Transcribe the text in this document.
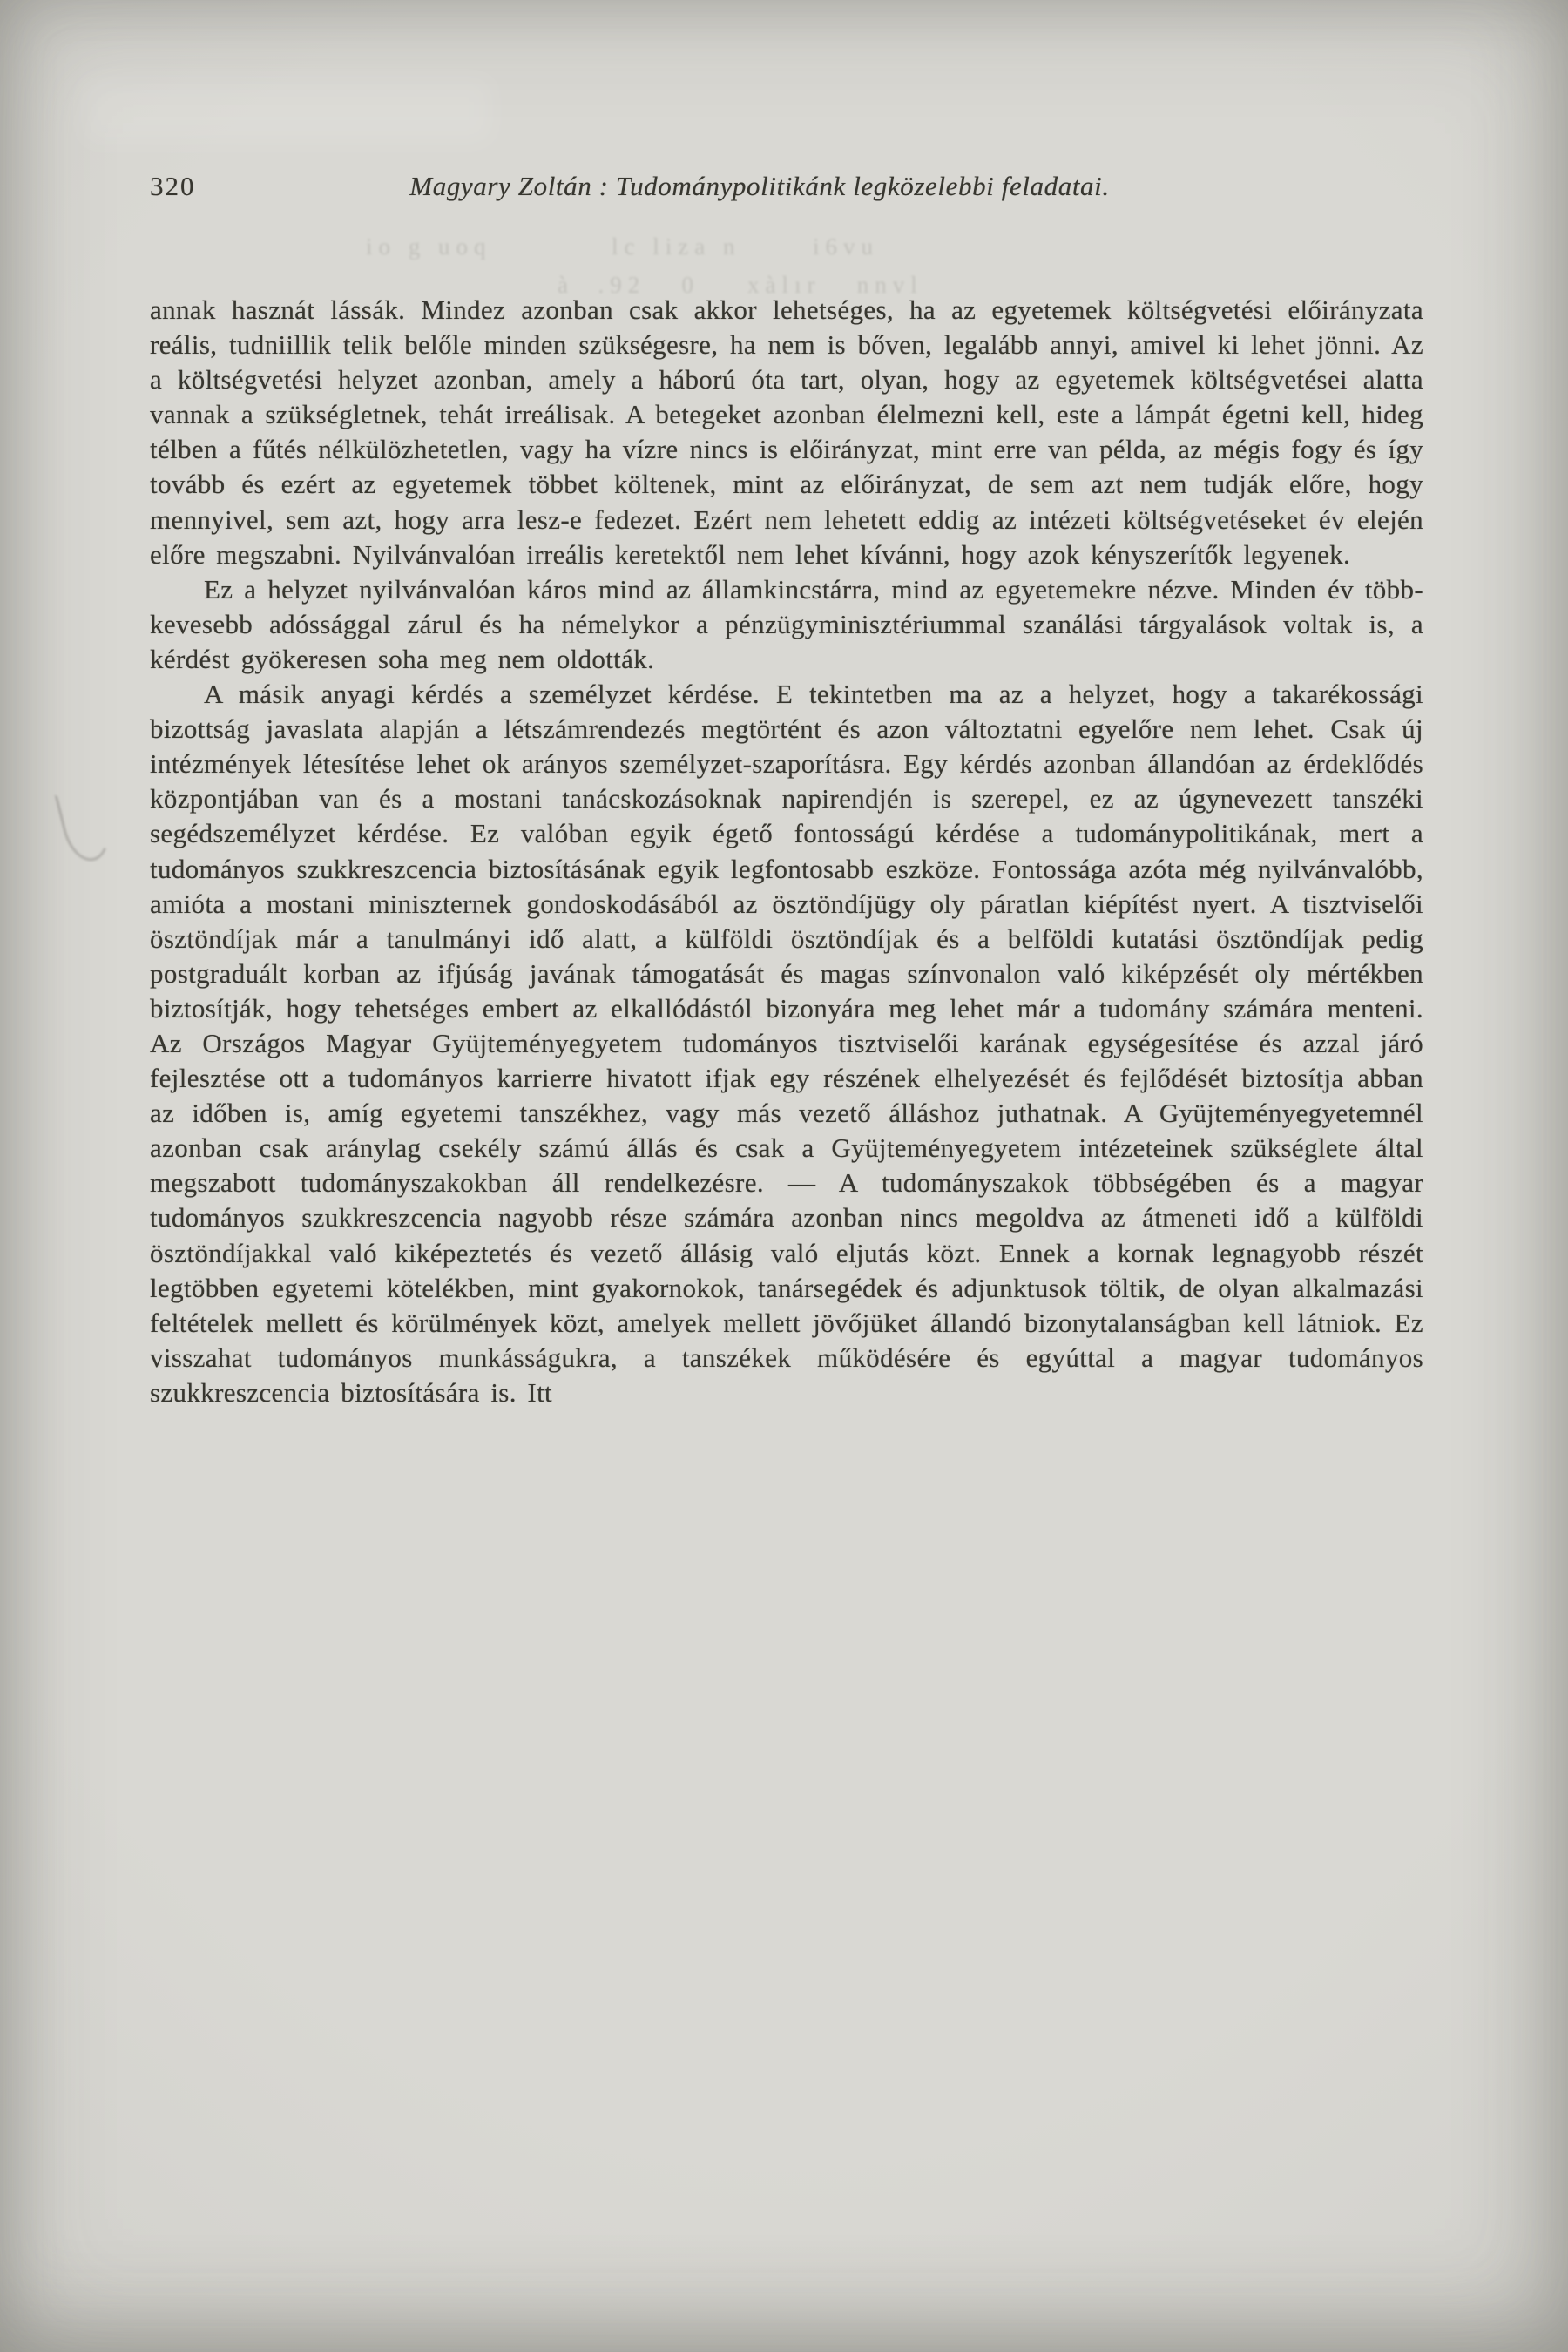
io g uoq          lc liza n      i6vu
à  .92   0    xàlır   nnvl
320	Magyary Zoltán : Tudománypolitikánk legközelebbi feladatai.

annak hasznát lássák. Mindez azonban csak akkor lehetséges, ha az egyetemek költségvetési előirányzata reális, tudniillik telik belőle minden szükségesre, ha nem is bőven, legalább annyi, amivel ki lehet jönni. Az a költségvetési helyzet azonban, amely a háború óta tart, olyan, hogy az egyetemek költségvetései alatta vannak a szükségletnek, tehát irreálisak. A betegeket azonban élelmezni kell, este a lámpát égetni kell, hideg télben a fűtés nélkülözhetetlen, vagy ha vízre nincs is előirányzat, mint erre van példa, az mégis fogy és így tovább és ezért az egyetemek többet költenek, mint az előirányzat, de sem azt nem tudják előre, hogy mennyivel, sem azt, hogy arra lesz-e fedezet. Ezért nem lehetett eddig az intézeti költségvetéseket év elején előre megszabni. Nyilvánvalóan irreális keretektől nem lehet kívánni, hogy azok kényszerítők legyenek.

Ez a helyzet nyilvánvalóan káros mind az államkincstárra, mind az egyetemekre nézve. Minden év több-kevesebb adóssággal zárul és ha némelykor a pénzügyminisztériummal szanálási tárgyalások voltak is, a kérdést gyökeresen soha meg nem oldották.

A másik anyagi kérdés a személyzet kérdése. E tekintetben ma az a helyzet, hogy a takarékossági bizottság javaslata alapján a létszámrendezés megtörtént és azon változtatni egyelőre nem lehet. Csak új intézmények létesítése lehet ok arányos személyzet-szaporításra. Egy kérdés azonban állandóan az érdeklődés központjában van és a mostani tanácskozásoknak napirendjén is szerepel, ez az úgynevezett tanszéki segédszemélyzet kérdése. Ez valóban egyik égető fontosságú kérdése a tudománypolitikának, mert a tudományos szukkreszcencia biztosításának egyik legfontosabb eszköze. Fontossága azóta még nyilvánvalóbb, amióta a mostani miniszternek gondoskodásából az ösztöndíjügy oly páratlan kiépítést nyert. A tisztviselői ösztöndíjak már a tanulmányi idő alatt, a külföldi ösztöndíjak és a belföldi kutatási ösztöndíjak pedig postgraduált korban az ifjúság javának támogatását és magas színvonalon való kiképzését oly mértékben biztosítják, hogy tehetséges embert az elkallódástól bizonyára meg lehet már a tudomány számára menteni. Az Országos Magyar Gyüjteményegyetem tudományos tisztviselői karának egységesítése és azzal járó fejlesztése ott a tudományos karrierre hivatott ifjak egy részének elhelyezését és fejlődését biztosítja abban az időben is, amíg egyetemi tanszékhez, vagy más vezető álláshoz juthatnak. A Gyüjteményegyetemnél azonban csak aránylag csekély számú állás és csak a Gyüjteményegyetem intézeteinek szükséglete által megszabott tudományszakokban áll rendelkezésre. — A tudományszakok többségében és a magyar tudományos szukkreszcencia nagyobb része számára azonban nincs megoldva az átmeneti idő a külföldi ösztöndíjakkal való kiképeztetés és vezető állásig való eljutás közt. Ennek a kornak legnagyobb részét legtöbben egyetemi kötelékben, mint gyakornokok, tanársegédek és adjunktusok töltik, de olyan alkalmazási feltételek mellett és körülmények közt, amelyek mellett jövőjüket állandó bizonytalanságban kell látniok. Ez visszahat tudományos munkásságukra, a tanszékek működésére és egyúttal a magyar tudományos szukkreszcencia biztosítására is. Itt
